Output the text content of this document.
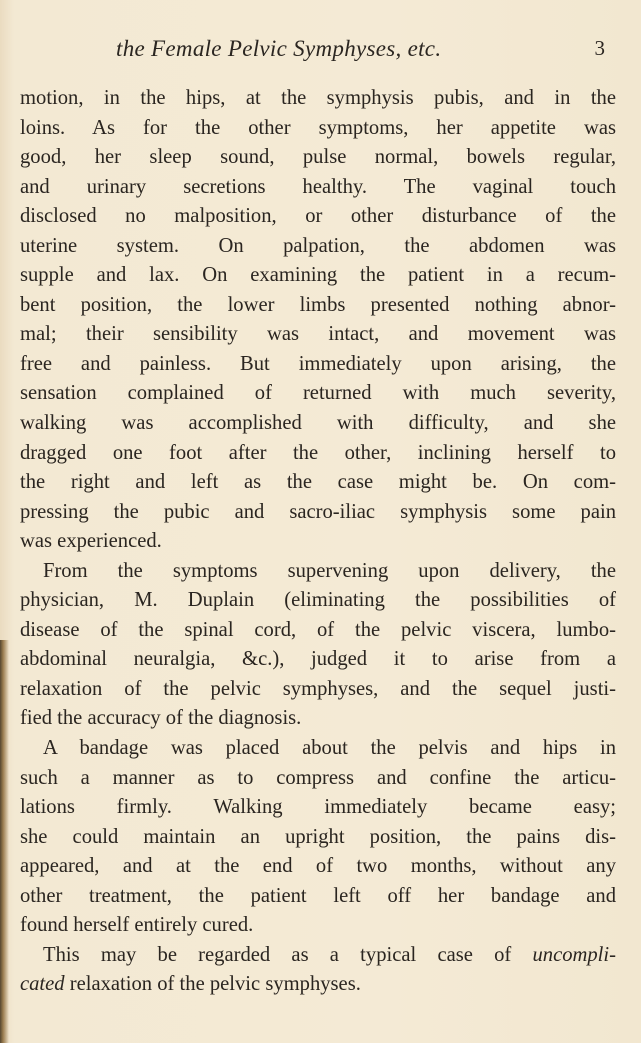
the Female Pelvic Symphyses, etc.	3
motion, in the hips, at the symphysis pubis, and in the
loins. As for the other symptoms, her appetite was
good, her sleep sound, pulse normal, bowels regular,
and urinary secretions healthy. The vaginal touch
disclosed no malposition, or other disturbance of the
uterine system. On palpation, the abdomen was
supple and lax. On examining the patient in a recum-
bent position, the lower limbs presented nothing abnor-
mal; their sensibility was intact, and movement was
free and painless. But immediately upon arising, the
sensation complained of returned with much severity,
walking was accomplished with difficulty, and she
dragged one foot after the other, inclining herself to
the right and left as the case might be. On com-
pressing the pubic and sacro-iliac symphysis some pain
was experienced.
From the symptoms supervening upon delivery, the
physician, M. Duplain (eliminating the possibilities of
disease of the spinal cord, of the pelvic viscera, lumbo-
abdominal neuralgia, &c.), judged it to arise from a
relaxation of the pelvic symphyses, and the sequel justi-
fied the accuracy of the diagnosis.
A bandage was placed about the pelvis and hips in
such a manner as to compress and confine the articu-
lations firmly. Walking immediately became easy;
she could maintain an upright position, the pains dis-
appeared, and at the end of two months, without any
other treatment, the patient left off her bandage and
found herself entirely cured.
This may be regarded as a typical case of uncompli-
cated relaxation of the pelvic symphyses.
